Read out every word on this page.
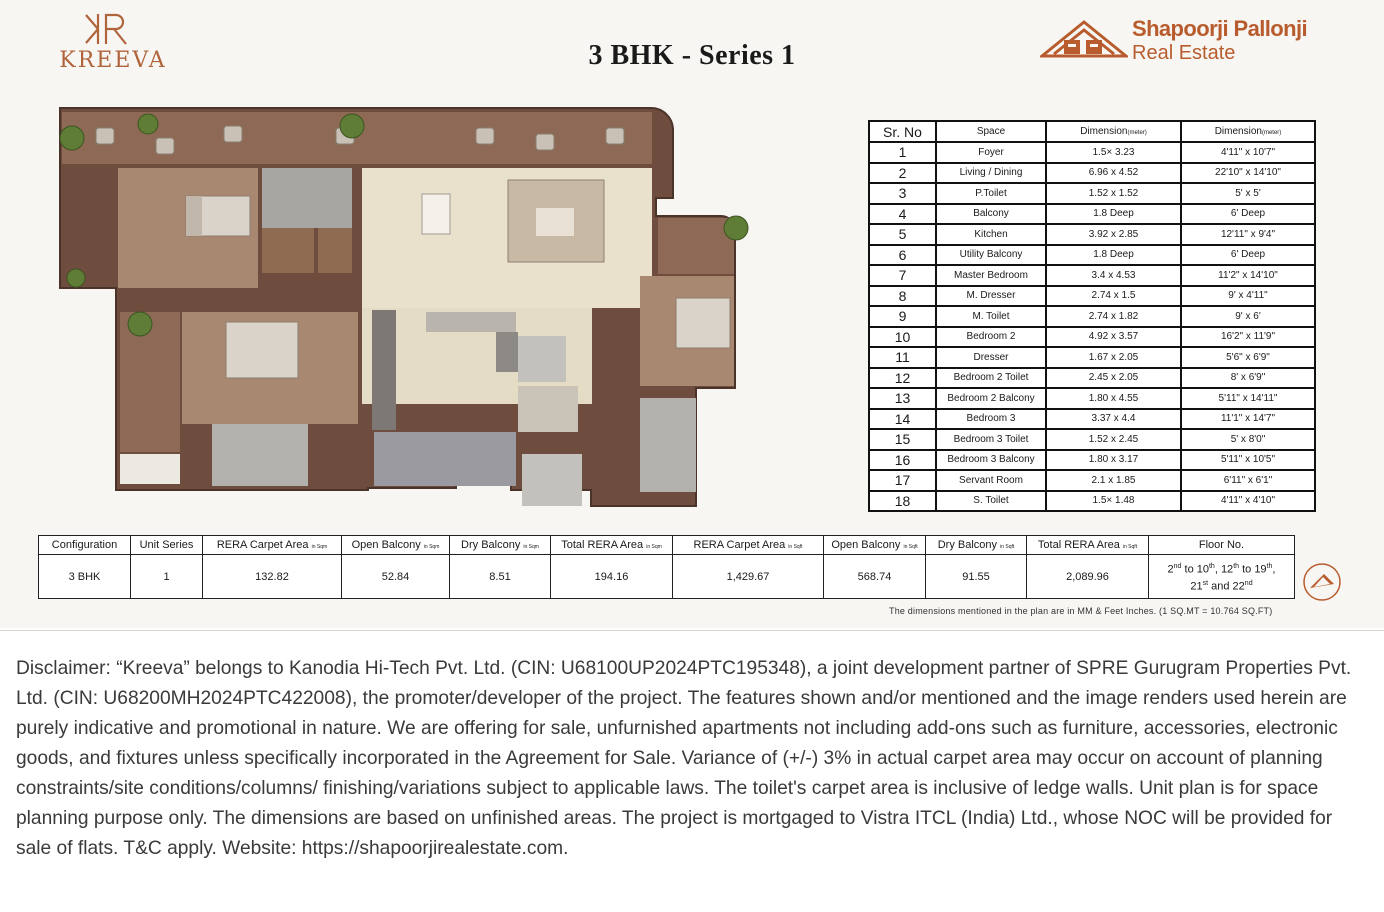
KREEVA	3 BHK - Series 1
Shapoorji Pallonji
Real Estate
Sr. No	Space	Dimension(meter)	Dimension(meter)
1	Foyer	1.5× 3.23	4'11" x 10'7"
2	Living / Dining	6.96 x 4.52	22'10" x 14'10"
3	P.Toilet	1.52 x 1.52	5' x 5'
4	Balcony	1.8 Deep	6' Deep
5	Kitchen	3.92 x 2.85	12'11" x 9'4"
6	Utility Balcony	1.8 Deep	6' Deep
7	Master Bedroom	3.4 x 4.53	11'2" x 14'10"
8	M. Dresser	2.74 x 1.5	9' x 4'11"
9	M. Toilet	2.74 x 1.82	9' x 6'
10	Bedroom 2	4.92 x 3.57	16'2" x 11'9"
11	Dresser	1.67 x 2.05	5'6" x 6'9"
12	Bedroom 2 Toilet	2.45 x 2.05	8' x 6'9"
13	Bedroom 2 Balcony	1.80 x 4.55	5'11" x 14'11"
14	Bedroom 3	3.37 x 4.4	11'1" x 14'7"
15	Bedroom 3 Toilet	1.52 x 2.45	5' x 8'0"
16	Bedroom 3 Balcony	1.80 x 3.17	5'11" x 10'5"
17	Servant Room	2.1 x 1.85	6'11" x 6'1"
18	S. Toilet	1.5× 1.48	4'11" x 4'10"
Configuration	Unit Series	RERA Carpet Area in Sqm	Open Balcony in Sqm	Dry Balcony in Sqm	Total RERA Area in Sqm	RERA Carpet Area in Sqft	Open Balcony in Sqft	Dry Balcony in Sqft	Total RERA Area in Sqft	Floor No.
3 BHK	1	132.82	52.84	8.51	194.16	1,429.67	568.74	91.55	2,089.96	2nd to 10th, 12th to 19th,
21st and 22nd
The dimensions mentioned in the plan are in MM & Feet Inches. (1 SQ.MT = 10.764 SQ.FT)

Disclaimer: “Kreeva” belongs to Kanodia Hi-Tech Pvt. Ltd. (CIN: U68100UP2024PTC195348), a joint development partner of SPRE Gurugram Properties Pvt. Ltd. (CIN: U68200MH2024PTC422008), the promoter/developer of the project. The features shown and/or mentioned and the image renders used herein are purely indicative and promotional in nature. We are offering for sale, unfurnished apartments not including add-ons such as furniture, accessories, electronic goods, and fixtures unless specifically incorporated in the Agreement for Sale. Variance of (+/-) 3% in actual carpet area may occur on account of planning constraints/site conditions/columns/ finishing/variations subject to applicable laws. The toilet's carpet area is inclusive of ledge walls. Unit plan is for space planning purpose only. The dimensions are based on unfinished areas. The project is mortgaged to Vistra ITCL (India) Ltd., whose NOC will be provided for sale of flats. T&C apply. Website: https://shapoorjirealestate.com.
